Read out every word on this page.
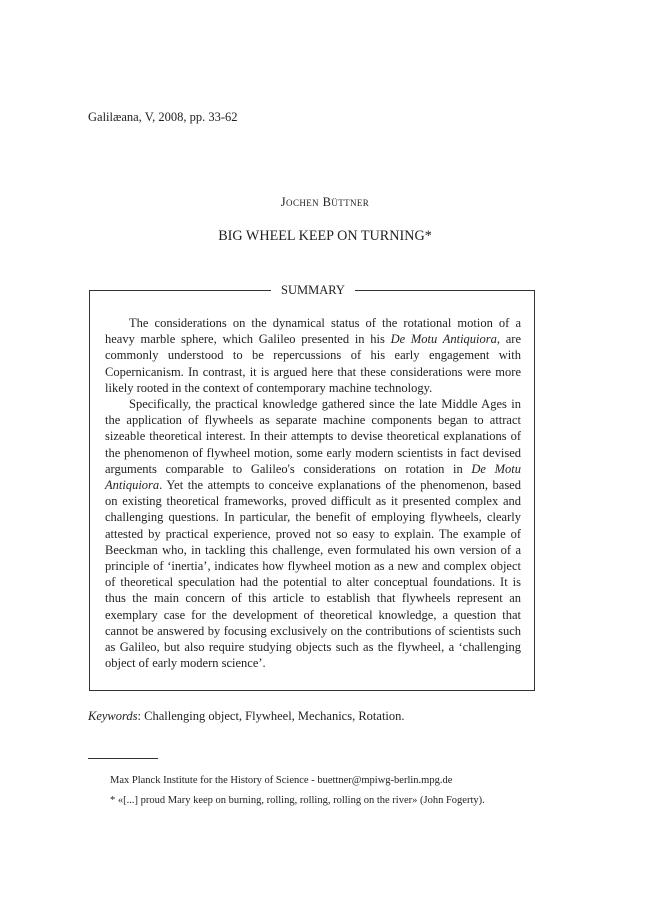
Galilæana, V, 2008, pp. 33-62
Jochen Büttner
BIG WHEEL KEEP ON TURNING*
SUMMARY

The considerations on the dynamical status of the rotational motion of a heavy marble sphere, which Galileo presented in his De Motu Antiquiora, are commonly understood to be repercussions of his early engagement with Copernicanism. In contrast, it is argued here that these considerations were more likely rooted in the context of contemporary machine technology.

Specifically, the practical knowledge gathered since the late Middle Ages in the application of flywheels as separate machine components began to attract sizeable theoretical interest. In their attempts to devise theoretical explanations of the phenomenon of flywheel motion, some early modern scientists in fact devised arguments comparable to Galileo's considerations on rotation in De Motu Antiquiora. Yet the attempts to conceive explanations of the phenomenon, based on existing theoretical frameworks, proved difficult as it presented complex and challenging questions. In particular, the benefit of employing flywheels, clearly attested by practical experience, proved not so easy to explain. The example of Beeckman who, in tackling this challenge, even formulated his own version of a principle of ‘inertia’, indicates how flywheel motion as a new and complex object of theoretical speculation had the potential to alter conceptual foundations. It is thus the main concern of this article to establish that flywheels represent an exemplary case for the development of theoretical knowledge, a question that cannot be answered by focusing exclusively on the contributions of scientists such as Galileo, but also require studying objects such as the flywheel, a ‘challenging object of early modern science’.

Keywords: Challenging object, Flywheel, Mechanics, Rotation.
Max Planck Institute for the History of Science - buettner@mpiwg-berlin.mpg.de
* «[...] proud Mary keep on burning, rolling, rolling, rolling on the river» (John Fogerty).
